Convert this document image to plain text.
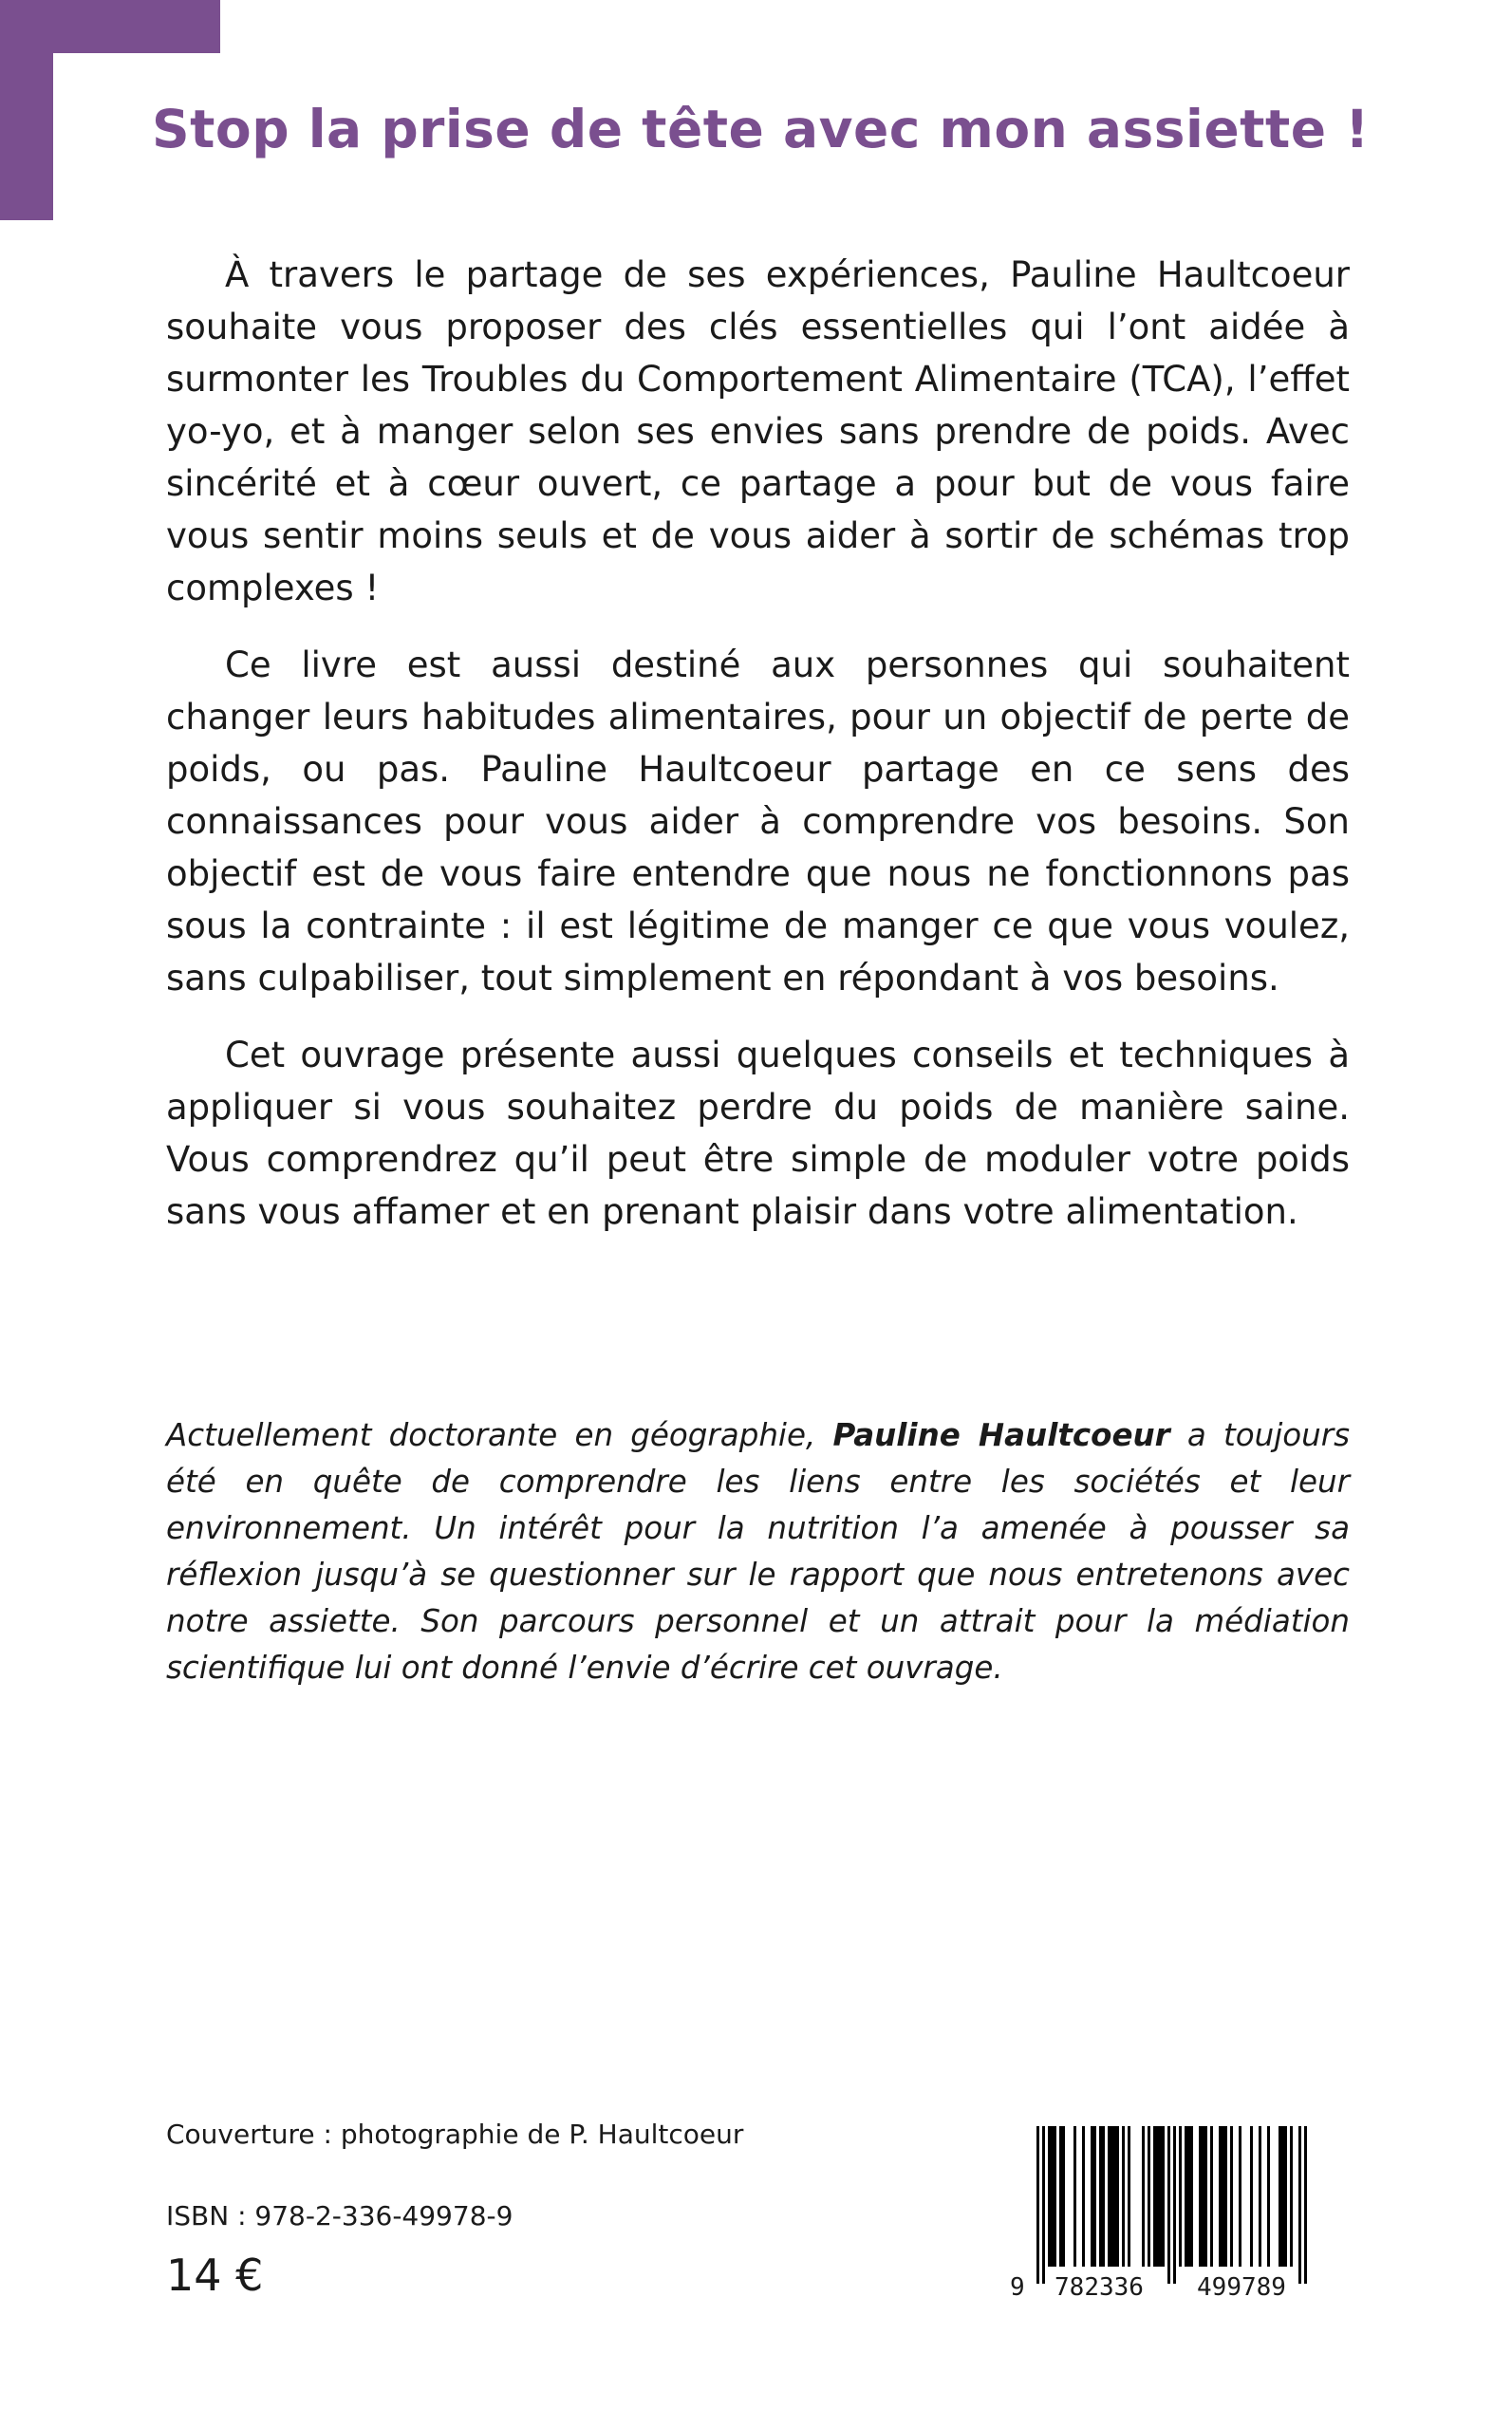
Stop la prise de tête avec mon assiette !

À travers le partage de ses expériences, Pauline Haultcoeur souhaite vous proposer des clés essentielles qui l’ont aidée à surmonter les Troubles du Comportement Alimentaire (TCA), l’effet yo-yo, et à manger selon ses envies sans prendre de poids. Avec sincérité et à cœur ouvert, ce partage a pour but de vous faire vous sentir moins seuls et de vous aider à sortir de schémas trop complexes !

Ce livre est aussi destiné aux personnes qui souhaitent changer leurs habitudes alimentaires, pour un objectif de perte de poids, ou pas. Pauline Haultcoeur partage en ce sens des connaissances pour vous aider à comprendre vos besoins. Son objectif est de vous faire entendre que nous ne fonctionnons pas sous la contrainte : il est légitime de manger ce que vous voulez, sans culpabiliser, tout simplement en répondant à vos besoins.

Cet ouvrage présente aussi quelques conseils et techniques à appliquer si vous souhaitez perdre du poids de manière saine. Vous comprendrez qu’il peut être simple de moduler votre poids sans vous affamer et en prenant plaisir dans votre alimentation.

Actuellement doctorante en géographie, Pauline Haultcoeur a toujours été en quête de comprendre les liens entre les sociétés et leur environnement. Un intérêt pour la nutrition l’a amenée à pousser sa réflexion jusqu’à se questionner sur le rapport que nous entretenons avec notre assiette. Son parcours personnel et un attrait pour la médiation scientifique lui ont donné l’envie d’écrire cet ouvrage.

Couverture : photographie de P. Haultcoeur
ISBN : 978-2-336-49978-9
14 €	9 782336 499789
